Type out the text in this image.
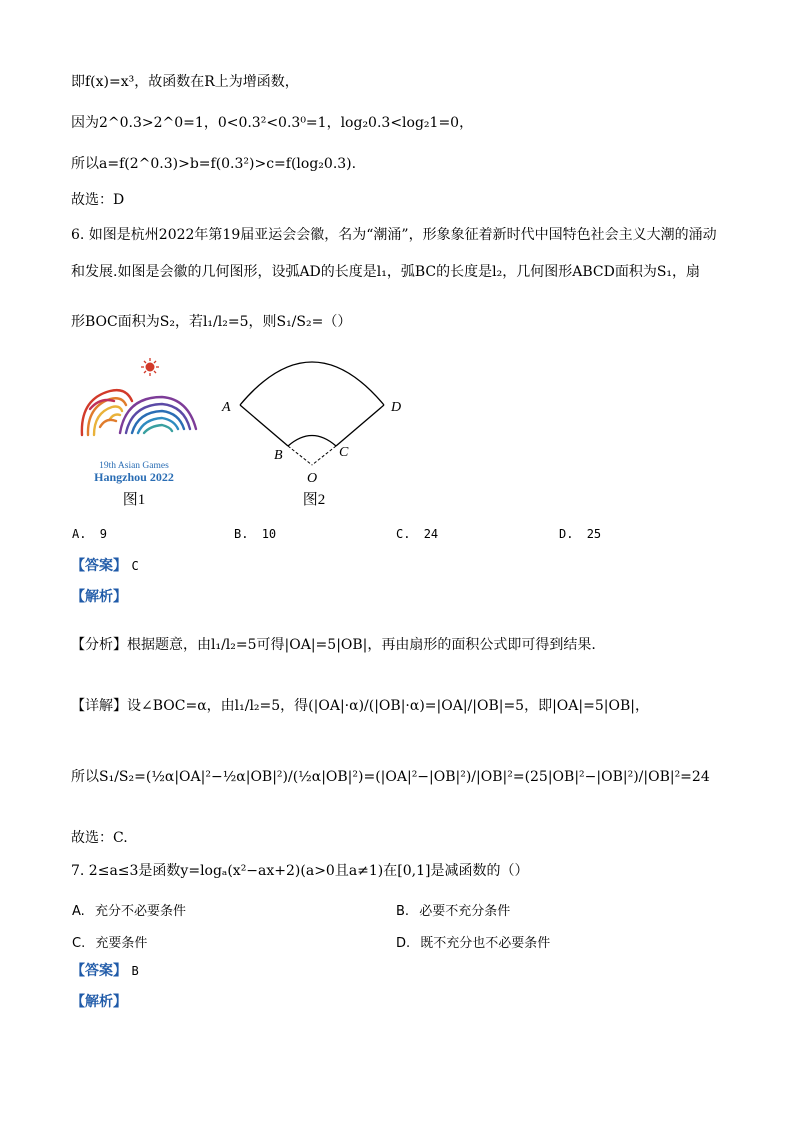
即f(x)=x³，故函数在R上为增函数，
因为2^0.3>2^0=1，0<0.3²<0.3⁰=1，log₂0.3<log₂1=0，
所以a=f(2^0.3)>b=f(0.3²)>c=f(log₂0.3).
故选：D
6. 如图是杭州2022年第19届亚运会会徽，名为“潮涌”，形象象征着新时代中国特色社会主义大潮的涌动
和发展.如图是会徽的几何图形，设弧AD的长度是l₁，弧BC的长度是l₂，几何图形ABCD面积为S₁，扇
形BOC面积为S₂，若l₁/l₂=5，则S₁/S₂=（）
19th Asian Games
Hangzhou 2022
图1
A	D
B	C
O
图2
A. 9	B. 10	C. 24	D. 25
【答案】 C
【解析】
【分析】根据题意，由l₁/l₂=5可得|OA|=5|OB|，再由扇形的面积公式即可得到结果.
【详解】设∠BOC=α，由l₁/l₂=5，得(|OA|·α)/(|OB|·α)=|OA|/|OB|=5，即|OA|=5|OB|，
所以S₁/S₂=(½α|OA|²−½α|OB|²)/(½α|OB|²)=(|OA|²−|OB|²)/|OB|²=(25|OB|²−|OB|²)/|OB|²=24
故选：C.
7. 2≤a≤3是函数y=logₐ(x²−ax+2)(a>0且a≠1)在[0,1]是减函数的（）
A. 充分不必要条件	B. 必要不充分条件
C. 充要条件	D. 既不充分也不必要条件
【答案】 B
【解析】
